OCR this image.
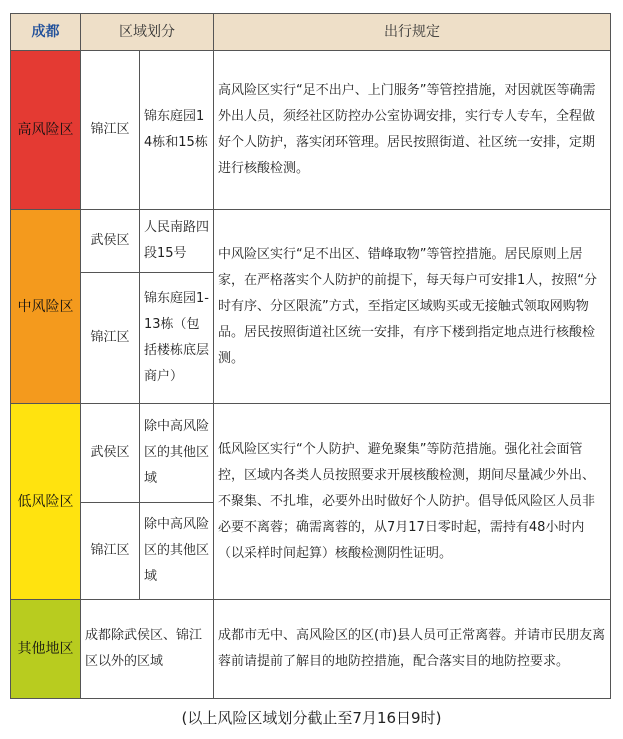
成都	区域划分		出行规定
高风险区	锦江区	锦东庭园14栋和15栋	高风险区实行“足不出户、上门服务”等管控措施，对因就医等确需外出人员，须经社区防控办公室协调安排，实行专人专车，全程做好个人防护，落实闭环管理。居民按照街道、社区统一安排，定期进行核酸检测。
中风险区	武侯区	人民南路四段15号	中风险区实行“足不出区、错峰取物”等管控措施。居民原则上居家，在严格落实个人防护的前提下，每天每户可安排1人，按照“分时有序、分区限流”方式，至指定区域购买或无接触式领取网购物品。居民按照街道社区统一安排，有序下楼到指定地点进行核酸检测。
	锦江区	锦东庭园1-13栋（包括楼栋底层商户）	
低风险区	武侯区	除中高风险区的其他区域	低风险区实行“个人防护、避免聚集”等防范措施。强化社会面管控，区域内各类人员按照要求开展核酸检测，期间尽量减少外出、不聚集、不扎堆，必要外出时做好个人防护。倡导低风险区人员非必要不离蓉；确需离蓉的，从7月17日零时起，需持有48小时内（以采样时间起算）核酸检测阴性证明。
	锦江区	除中高风险区的其他区域	
其他地区	成都除武侯区、锦江区以外的区域		成都市无中、高风险区的区(市)县人员可正常离蓉。并请市民朋友离蓉前请提前了解目的地防控措施，配合落实目的地防控要求。
(以上风险区域划分截止至7月16日9时)
